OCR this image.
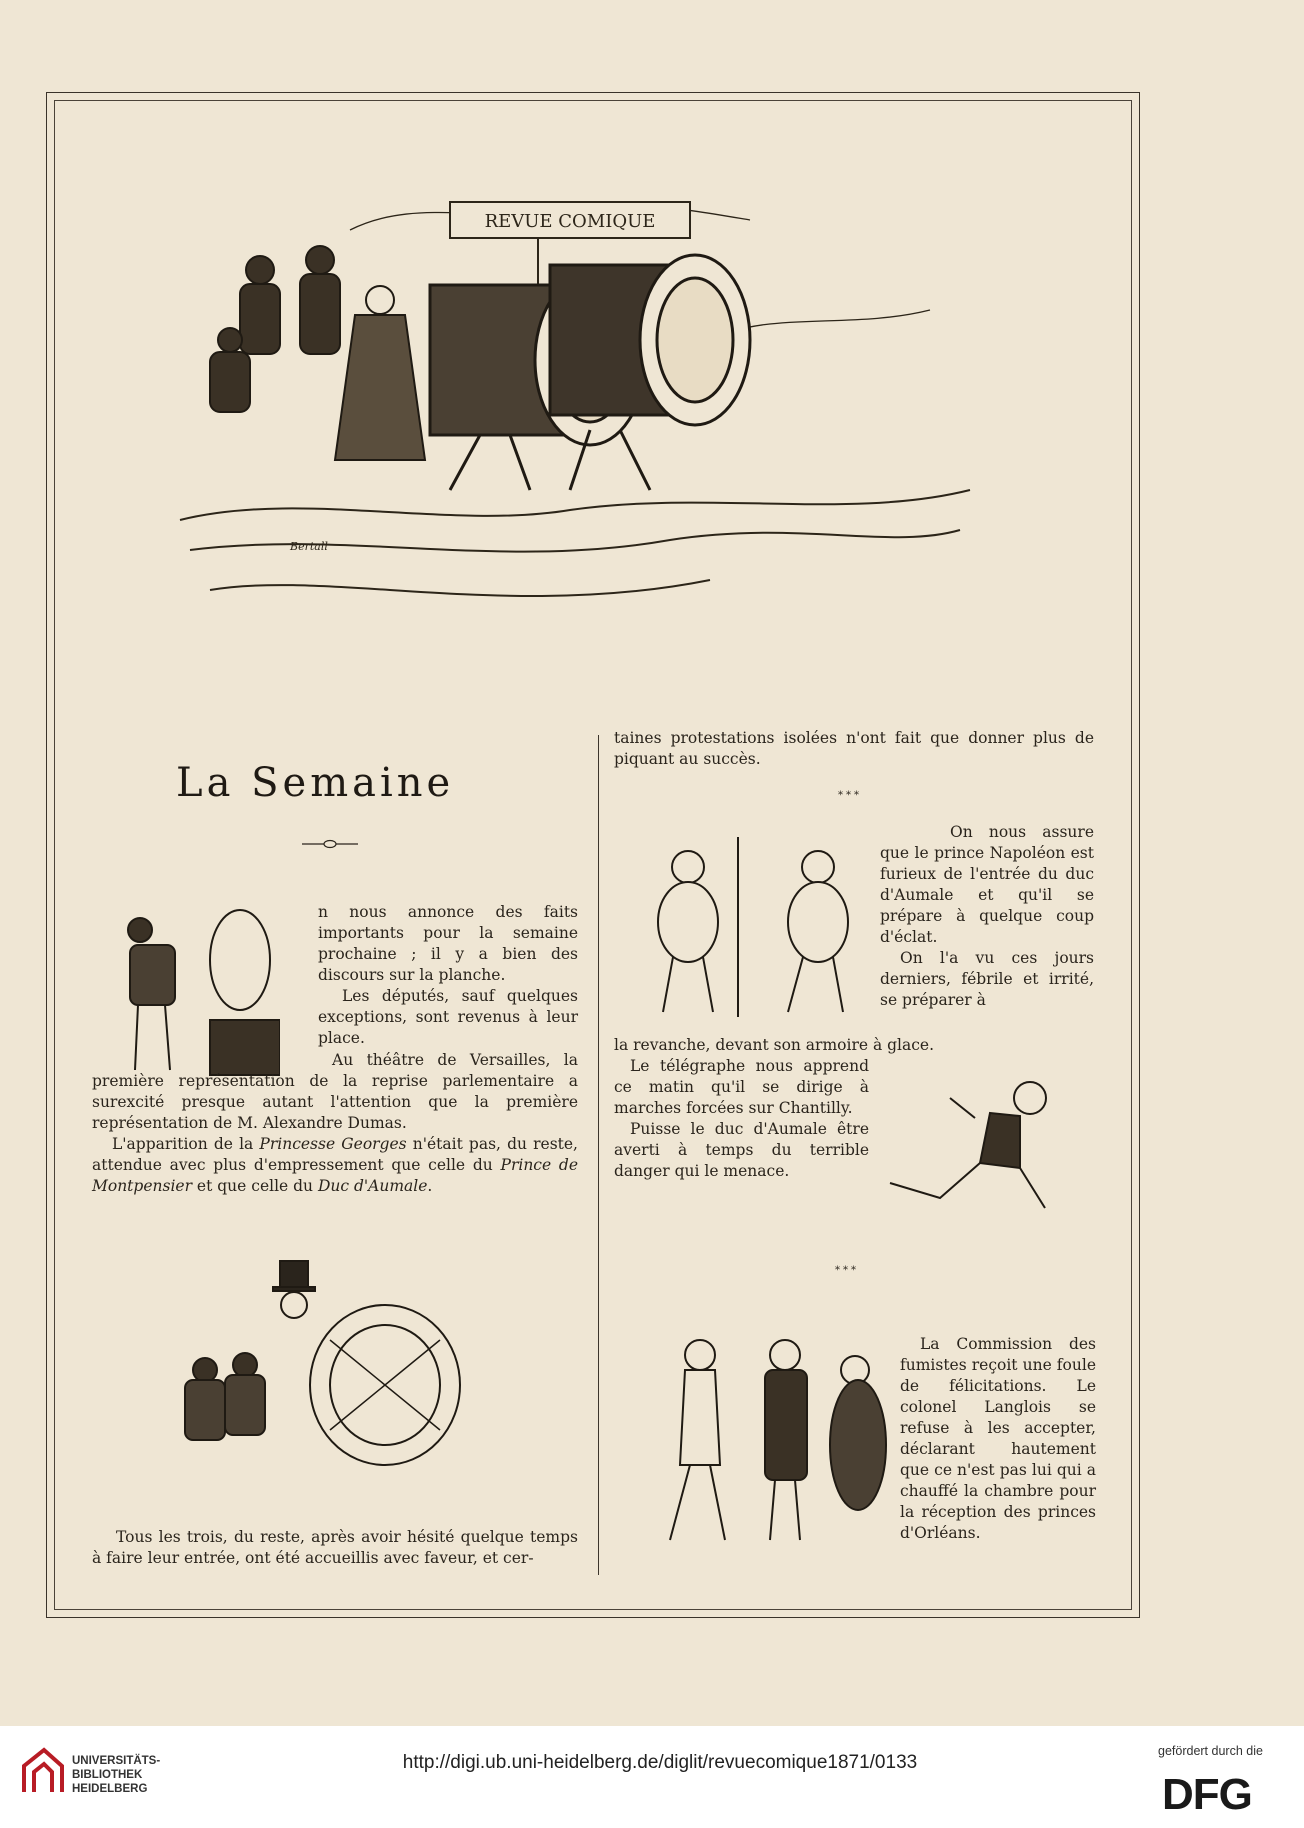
REVUE COMIQUE
Bertall
La Semaine

n nous annonce des faits importants pour la semaine prochaine ; il y a bien des discours sur la planche.

Les députés, sauf quelques exceptions, sont revenus à leur place.

Au théâtre de Versailles, la première représentation de la reprise parlementaire a surexcité presque autant l'attention que la première représentation de M. Alexandre Dumas.

L'apparition de la Princesse Georges n'était pas, du reste, attendue avec plus d'empressement que celle du Prince de Montpensier et que celle du Duc d'Aumale.

Tous les trois, du reste, après avoir hésité quelque temps à faire leur entrée, ont été accueillis avec faveur, et cer-

taines protestations isolées n'ont fait que donner plus de piquant au succès.

***

On nous assure que le prince Napoléon est furieux de l'entrée du duc d'Aumale et qu'il se prépare à quelque coup d'éclat.

On l'a vu ces jours derniers, fébrile et irrité, se préparer à

la revanche, devant son armoire à glace.

Le télégraphe nous apprend ce matin qu'il se dirige à marches forcées sur Chantilly.

Puisse le duc d'Aumale être averti à temps du terrible danger qui le menace.

***

La Commission des fumistes reçoit une foule de félicitations. Le colonel Langlois se refuse à les accepter, déclarant hautement que ce n'est pas lui qui a chauffé la chambre pour la réception des princes d'Orléans.

UNIVERSITÄTS-BIBLIOTHEK HEIDELBERG
http://digi.ub.uni-heidelberg.de/diglit/revuecomique1871/0133
gefördert durch die
DFG
